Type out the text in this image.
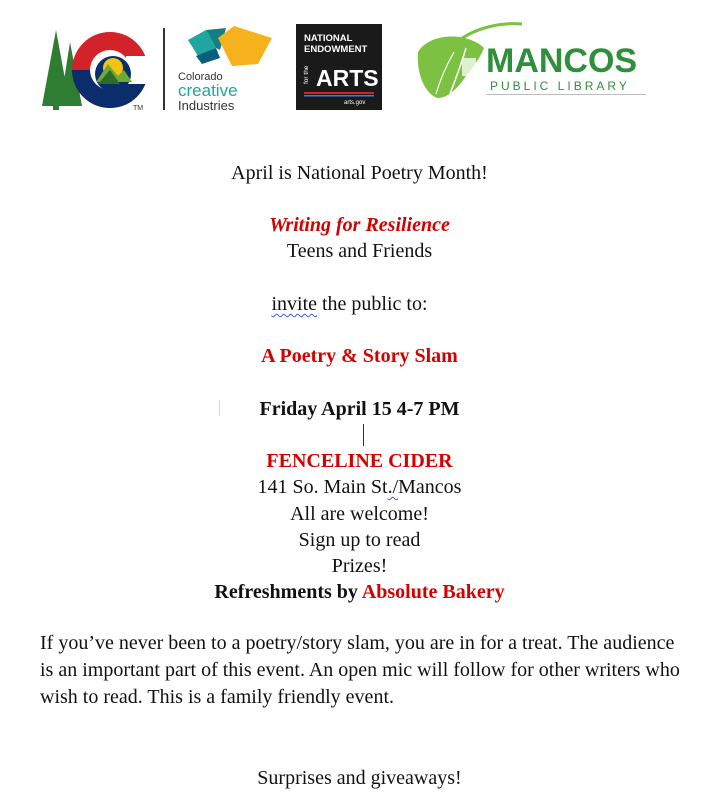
TM
Colorado
creative
Industries
NATIONAL
ENDOWMENT
for the ARTS
arts.gov
MANCOS
PUBLIC LIBRARY
April is National Poetry Month!
Writing for Resilience
Teens and Friends
invite the public to:
A Poetry & Story Slam
Friday April 15 4-7 PM
FENCELINE CIDER
141 So. Main St./Mancos
All are welcome!
Sign up to read
Prizes!
Refreshments by Absolute Bakery
If you’ve never been to a poetry/story slam, you are in for a treat. The audience is an important part of this event. An open mic will follow for other writers who wish to read. This is a family friendly event.
Surprises and giveaways!
